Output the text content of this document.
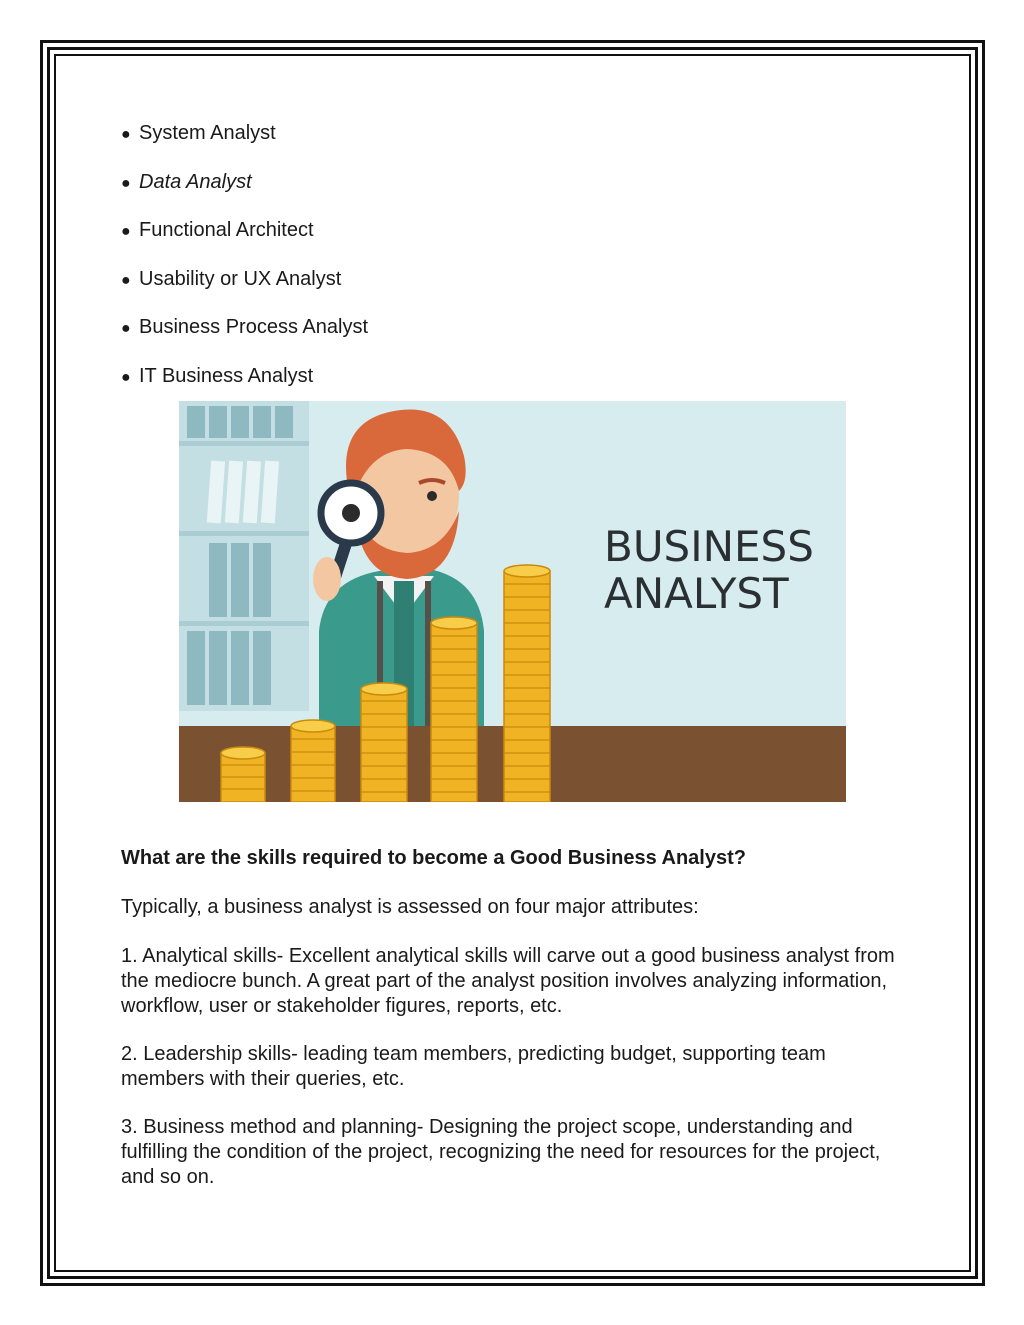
● System Analyst
● Data Analyst
● Functional Architect
● Usability or UX Analyst
● Business Process Analyst
● IT Business Analyst
BUSINESS
ANALYST

What are the skills required to become a Good Business Analyst?

Typically, a business analyst is assessed on four major attributes:

1. Analytical skills- Excellent analytical skills will carve out a good business analyst from the mediocre bunch. A great part of the analyst position involves analyzing information, workflow, user or stakeholder figures, reports, etc.

2. Leadership skills- leading team members, predicting budget, supporting team members with their queries, etc.

3. Business method and planning- Designing the project scope, understanding and fulfilling the condition of the project, recognizing the need for resources for the project, and so on.
